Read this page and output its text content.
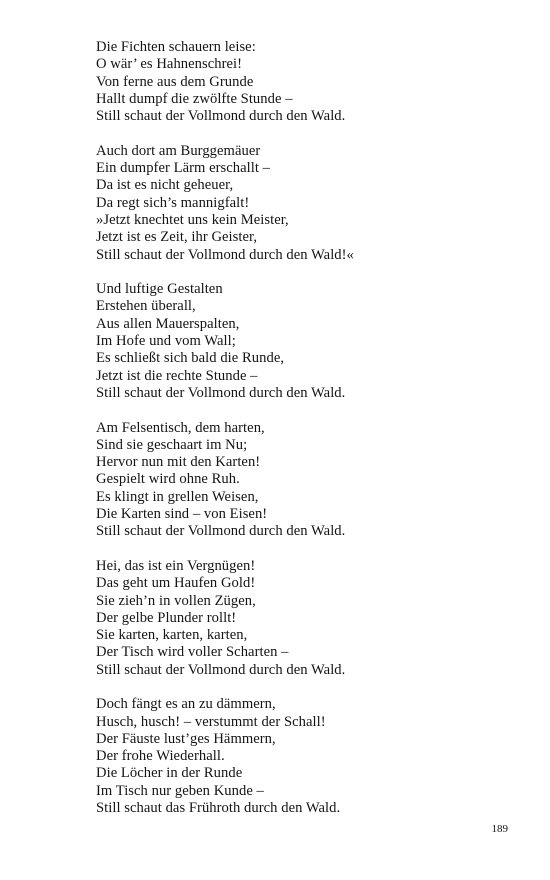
Die Fichten schauern leise:
O wär’ es Hahnenschrei!
Von ferne aus dem Grunde
Hallt dumpf die zwölfte Stunde –
Still schaut der Vollmond durch den Wald.
Auch dort am Burggemäuer
Ein dumpfer Lärm erschallt –
Da ist es nicht geheuer,
Da regt sich’s mannigfalt!
»Jetzt knechtet uns kein Meister,
Jetzt ist es Zeit, ihr Geister,
Still schaut der Vollmond durch den Wald!«
Und luftige Gestalten
Erstehen überall,
Aus allen Mauerspalten,
Im Hofe und vom Wall;
Es schließt sich bald die Runde,
Jetzt ist die rechte Stunde –
Still schaut der Vollmond durch den Wald.
Am Felsentisch, dem harten,
Sind sie geschaart im Nu;
Hervor nun mit den Karten!
Gespielt wird ohne Ruh.
Es klingt in grellen Weisen,
Die Karten sind – von Eisen!
Still schaut der Vollmond durch den Wald.
Hei, das ist ein Vergnügen!
Das geht um Haufen Gold!
Sie zieh’n in vollen Zügen,
Der gelbe Plunder rollt!
Sie karten, karten, karten,
Der Tisch wird voller Scharten –
Still schaut der Vollmond durch den Wald.
Doch fängt es an zu dämmern,
Husch, husch! – verstummt der Schall!
Der Fäuste lust’ges Hämmern,
Der frohe Wiederhall.
Die Löcher in der Runde
Im Tisch nur geben Kunde –
Still schaut das Frühroth durch den Wald.
189
